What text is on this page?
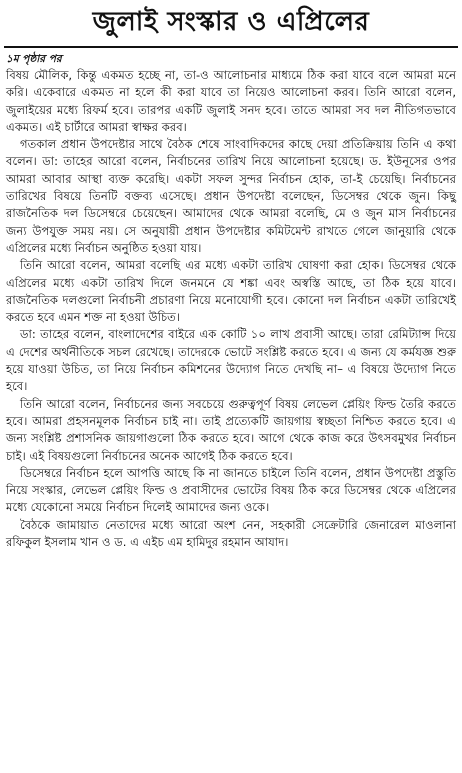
জুলাই সংস্কার ও এপ্রিলের
১ম পৃষ্ঠার পর

বিষয় মৌলিক, কিন্তু একমত হচ্ছে না, তা-ও আলোচনার মাধ্যমে ঠিক করা যাবে বলে আমরা মনে করি। একেবারে একমত না হলে কী করা যাবে তা নিয়েও আলোচনা করব। তিনি আরো বলেন, জুলাইয়ের মধ্যে রিফর্ম হবে। তারপর একটি জুলাই সনদ হবে। তাতে আমরা সব দল নীতিগতভাবে একমত। এই চার্টারে আমরা স্বাক্ষর করব।

গতকাল প্রধান উপদেষ্টার সাথে বৈঠক শেষে সাংবাদিকদের কাছে দেয়া প্রতিক্রিয়ায় তিনি এ কথা বলেন। ডা: তাহের আরো বলেন, নির্বাচনের তারিখ নিয়ে আলোচনা হয়েছে। ড. ইউনূসের ওপর আমরা আবার আস্থা ব্যক্ত করেছি। একটা সফল সুন্দর নির্বাচন হোক, তা-ই চেয়েছি। নির্বাচনের তারিখের বিষয়ে তিনটি বক্তব্য এসেছে। প্রধান উপদেষ্টা বলেছেন, ডিসেম্বর থেকে জুন। কিছু রাজনৈতিক দল ডিসেম্বরে চেয়েছেন। আমাদের থেকে আমরা বলেছি, মে ও জুন মাস নির্বাচনের জন্য উপযুক্ত সময় নয়। সে অনুযায়ী প্রধান উপদেষ্টার কমিটমেন্ট রাখতে গেলে জানুয়ারি থেকে এপ্রিলের মধ্যে নির্বাচন অনুষ্ঠিত হওয়া যায়।

তিনি আরো বলেন, আমরা বলেছি এর মধ্যে একটা তারিখ ঘোষণা করা হোক। ডিসেম্বর থেকে এপ্রিলের মধ্যে একটা তারিখ দিলে জনমনে যে শঙ্কা এবং অস্বস্তি আছে, তা ঠিক হয়ে যাবে। রাজনৈতিক দলগুলো নির্বাচনী প্রচারণা নিয়ে মনোযোগী হবে। কোনো দল নির্বাচন একটা তারিখেই করতে হবে এমন শক্ত না হওয়া উচিত।

ডা: তাহের বলেন, বাংলাদেশের বাইরে এক কোটি ১০ লাখ প্রবাসী আছে। তারা রেমিট্যান্স দিয়ে এ দেশের অর্থনীতিকে সচল রেখেছে। তাদেরকে ভোটে সংশ্লিষ্ট করতে হবে। এ জন্য যে কর্মযজ্ঞ শুরু হয়ে যাওয়া উচিত, তা নিয়ে নির্বাচন কমিশনের উদ্যোগ নিতে দেখছি না– এ বিষয়ে উদ্যোগ নিতে হবে।

তিনি আরো বলেন, নির্বাচনের জন্য সবচেয়ে গুরুত্বপূর্ণ বিষয় লেভেল প্লেয়িং ফিল্ড তৈরি করতে হবে। আমরা প্রহসনমূলক নির্বাচন চাই না। তাই প্রত্যেকটি জায়গায় স্বচ্ছতা নিশ্চিত করতে হবে। এ জন্য সংশ্লিষ্ট প্রশাসনিক জায়গাগুলো ঠিক করতে হবে। আগে থেকে কাজ করে উৎসবমুখর নির্বাচন চাই। এই বিষয়গুলো নির্বাচনের অনেক আগেই ঠিক করতে হবে।

ডিসেম্বরে নির্বাচন হলে আপত্তি আছে কি না জানতে চাইলে তিনি বলেন, প্রধান উপদেষ্টা প্রস্তুতি নিয়ে সংস্কার, লেভেল প্লেয়িং ফিল্ড ও প্রবাসীদের ভোটের বিষয় ঠিক করে ডিসেম্বর থেকে এপ্রিলের মধ্যে যেকোনো সময়ে নির্বাচন দিলেই আমাদের জন্য ওকে।

বৈঠকে জামায়াত নেতাদের মধ্যে আরো অংশ নেন, সহকারী সেক্রেটারি জেনারেল মাওলানা রফিকুল ইসলাম খান ও ড. এ এইচ এম হামিদুর রহমান আযাদ।
